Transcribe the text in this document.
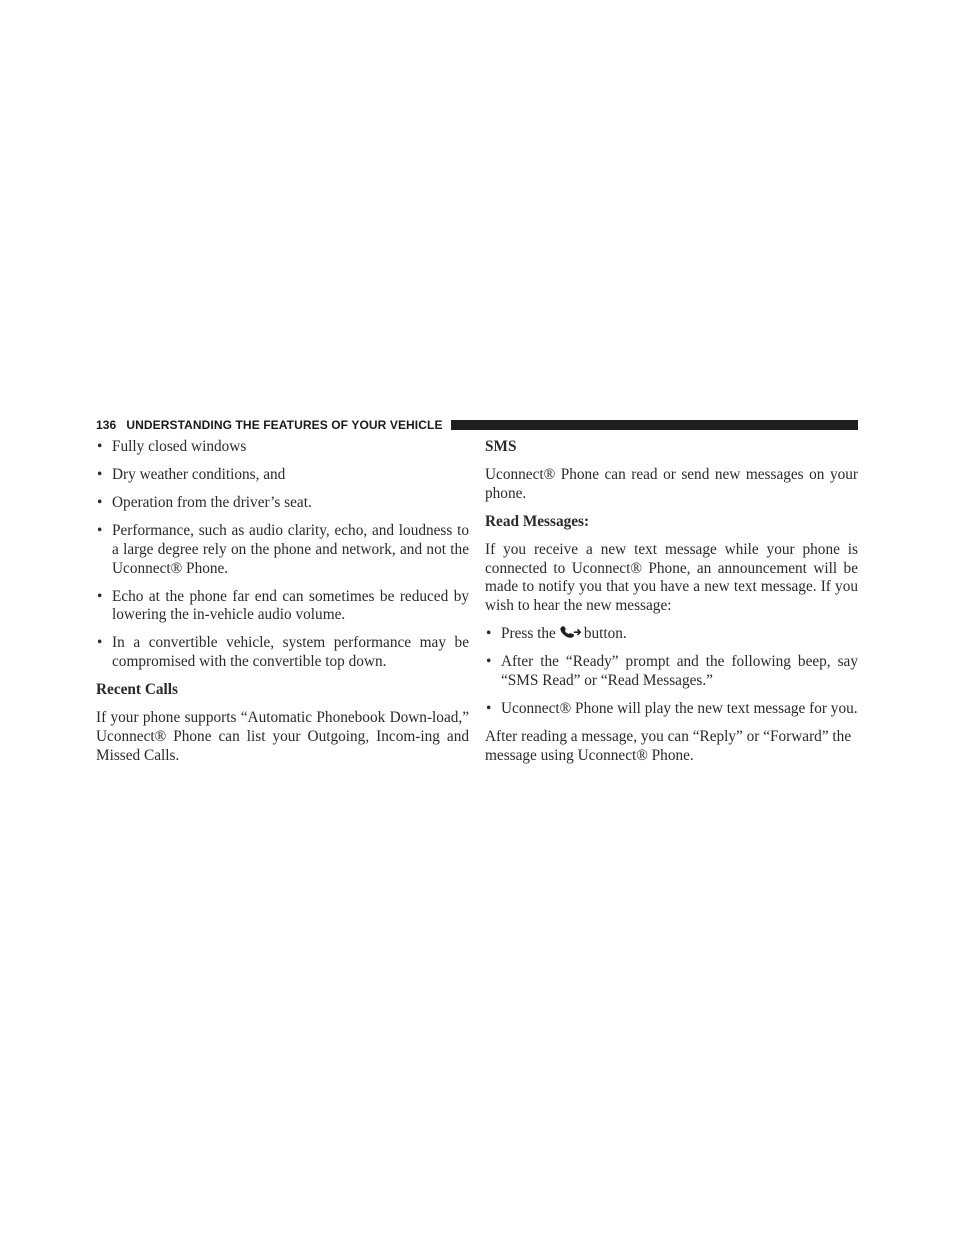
136 UNDERSTANDING THE FEATURES OF YOUR VEHICLE
• Fully closed windows
• Dry weather conditions, and
• Operation from the driver’s seat.
• Performance, such as audio clarity, echo, and loudness to a large degree rely on the phone and network, and not the Uconnect® Phone.
• Echo at the phone far end can sometimes be reduced by lowering the in-vehicle audio volume.
• In a convertible vehicle, system performance may be compromised with the convertible top down.
Recent Calls

If your phone supports “Automatic Phonebook Down-load,” Uconnect® Phone can list your Outgoing, Incom-ing and Missed Calls.

SMS

Uconnect® Phone can read or send new messages on your phone.

Read Messages:

If you receive a new text message while your phone is connected to Uconnect® Phone, an announcement will be made to notify you that you have a new text message. If you wish to hear the new message:

• Press the button.
• After the “Ready” prompt and the following beep, say “SMS Read” or “Read Messages.”
• Uconnect® Phone will play the new text message for you.

After reading a message, you can “Reply” or “Forward” the message using Uconnect® Phone.
